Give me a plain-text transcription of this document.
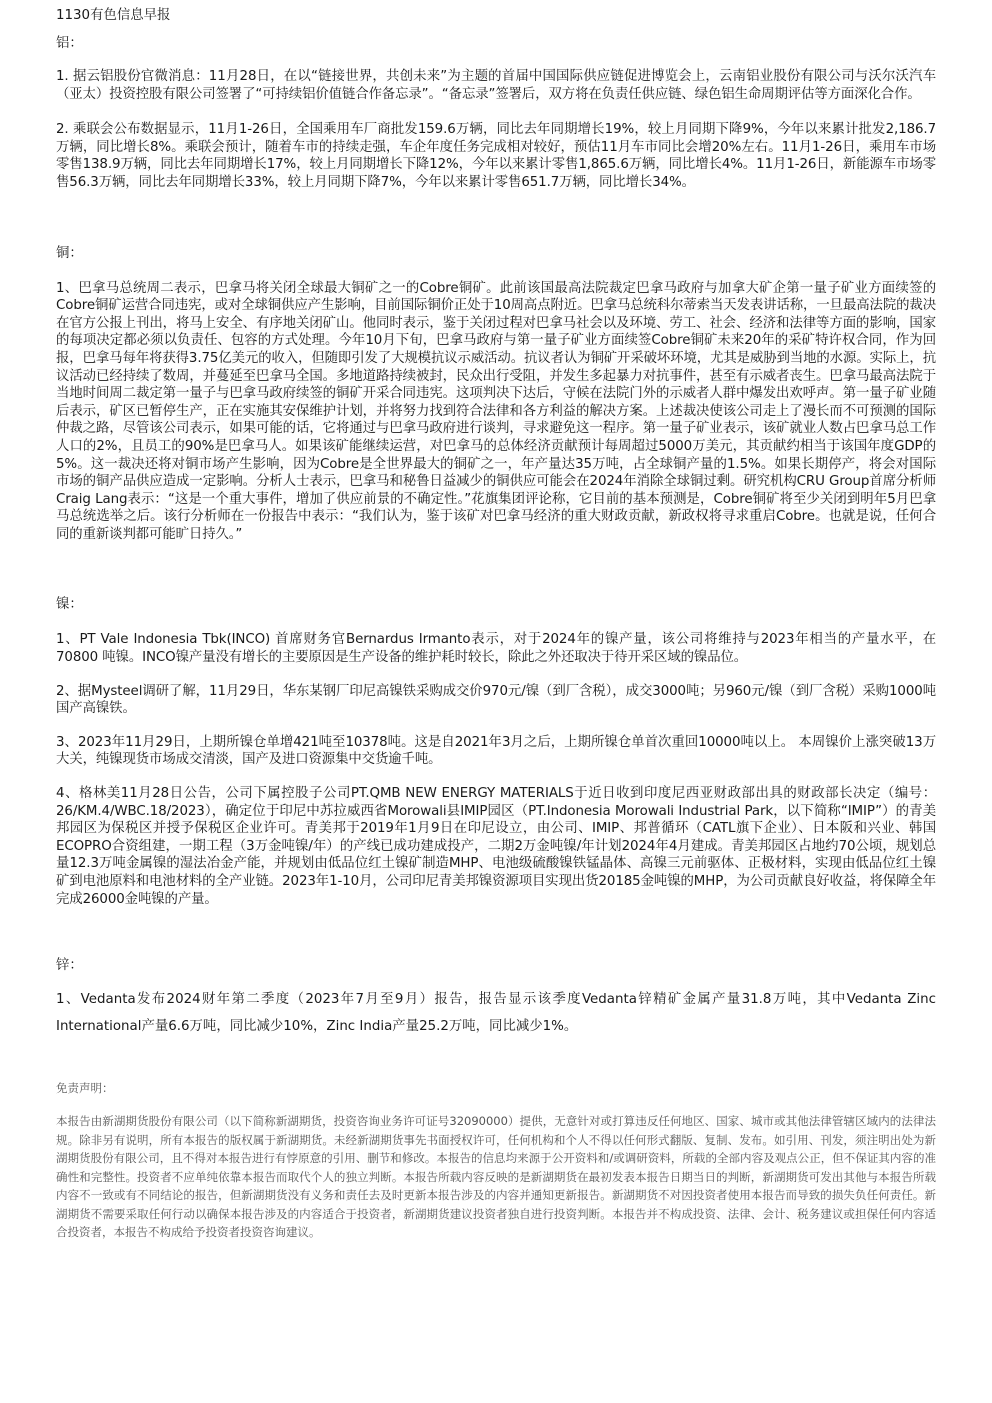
1130有色信息早报

铝：

1. 据云铝股份官微消息：11月28日，在以“链接世界，共创未来”为主题的首届中国国际供应链促进博览会上，云南铝业股份有限公司与沃尔沃汽车（亚太）投资控股有限公司签署了“可持续铝价值链合作备忘录”。“备忘录”签署后，双方将在负责任供应链、绿色铝生命周期评估等方面深化合作。

2. 乘联会公布数据显示，11月1-26日，全国乘用车厂商批发159.6万辆，同比去年同期增长19%，较上月同期下降9%，今年以来累计批发2,186.7万辆，同比增长8%。乘联会预计，随着车市的持续走强，车企年度任务完成相对较好，预估11月车市同比会增20%左右。11月1-26日，乘用车市场零售138.9万辆，同比去年同期增长17%，较上月同期增长下降12%，今年以来累计零售1,865.6万辆，同比增长4%。11月1-26日，新能源车市场零售56.3万辆，同比去年同期增长33%，较上月同期下降7%，今年以来累计零售651.7万辆，同比增长34%。

铜：

1、巴拿马总统周二表示，巴拿马将关闭全球最大铜矿之一的Cobre铜矿。此前该国最高法院裁定巴拿马政府与加拿大矿企第一量子矿业方面续签的Cobre铜矿运营合同违宪，或对全球铜供应产生影响，目前国际铜价正处于10周高点附近。巴拿马总统科尔蒂索当天发表讲话称，一旦最高法院的裁决在官方公报上刊出，将马上安全、有序地关闭矿山。他同时表示，鉴于关闭过程对巴拿马社会以及环境、劳工、社会、经济和法律等方面的影响，国家的每项决定都必须以负责任、包容的方式处理。今年10月下旬，巴拿马政府与第一量子矿业方面续签Cobre铜矿未来20年的采矿特许权合同，作为回报，巴拿马每年将获得3.75亿美元的收入，但随即引发了大规模抗议示威活动。抗议者认为铜矿开采破坏环境，尤其是威胁到当地的水源。实际上，抗议活动已经持续了数周，并蔓延至巴拿马全国。多地道路持续被封，民众出行受阻，并发生多起暴力对抗事件，甚至有示威者丧生。巴拿马最高法院于当地时间周二裁定第一量子与巴拿马政府续签的铜矿开采合同违宪。这项判决下达后，守候在法院门外的示威者人群中爆发出欢呼声。第一量子矿业随后表示，矿区已暂停生产，正在实施其安保维护计划，并将努力找到符合法律和各方利益的解决方案。上述裁决使该公司走上了漫长而不可预测的国际仲裁之路，尽管该公司表示，如果可能的话，它将通过与巴拿马政府进行谈判，寻求避免这一程序。第一量子矿业表示，该矿就业人数占巴拿马总工作人口的2%，且员工的90%是巴拿马人。如果该矿能继续运营，对巴拿马的总体经济贡献预计每周超过5000万美元，其贡献约相当于该国年度GDP的5%。这一裁决还将对铜市场产生影响，因为Cobre是全世界最大的铜矿之一，年产量达35万吨，占全球铜产量的1.5%。如果长期停产，将会对国际市场的铜产品供应造成一定影响。分析人士表示，巴拿马和秘鲁日益减少的铜供应可能会在2024年消除全球铜过剩。研究机构CRU Group首席分析师Craig Lang表示：“这是一个重大事件，增加了供应前景的不确定性。”花旗集团评论称，它目前的基本预测是，Cobre铜矿将至少关闭到明年5月巴拿马总统选举之后。该行分析师在一份报告中表示：“我们认为，鉴于该矿对巴拿马经济的重大财政贡献，新政权将寻求重启Cobre。也就是说，任何合同的重新谈判都可能旷日持久。”

镍：

1、PT Vale Indonesia Tbk(INCO) 首席财务官Bernardus Irmanto表示，对于2024年的镍产量，该公司将维持与2023年相当的产量水平，在 70800 吨镍。INCO镍产量没有增长的主要原因是生产设备的维护耗时较长，除此之外还取决于待开采区域的镍品位。

2、据Mysteel调研了解，11月29日，华东某钢厂印尼高镍铁采购成交价970元/镍（到厂含税），成交3000吨；另960元/镍（到厂含税）采购1000吨国产高镍铁。

3、2023年11月29日，上期所镍仓单增421吨至10378吨。这是自2021年3月之后，上期所镍仓单首次重回10000吨以上。 本周镍价上涨突破13万大关，纯镍现货市场成交清淡，国产及进口资源集中交货逾千吨。

4、格林美11月28日公告，公司下属控股子公司PT.QMB NEW ENERGY MATERIALS于近日收到印度尼西亚财政部出具的财政部长决定（编号：26/KM.4/WBC.18/2023），确定位于印尼中苏拉威西省Morowali县IMIP园区（PT.Indonesia Morowali Industrial Park，以下简称“IMIP”）的青美邦园区为保税区并授予保税区企业许可。青美邦于2019年1月9日在印尼设立，由公司、IMIP、邦普循环（CATL旗下企业）、日本阪和兴业、韩国ECOPRO合资组建，一期工程（3万金吨镍/年）的产线已成功建成投产，二期2万金吨镍/年计划2024年4月建成。青美邦园区占地约70公顷，规划总量12.3万吨金属镍的湿法冶金产能，并规划由低品位红土镍矿制造MHP、电池级硫酸镍铁锰晶体、高镍三元前驱体、正极材料，实现由低品位红土镍矿到电池原料和电池材料的全产业链。2023年1-10月，公司印尼青美邦镍资源项目实现出货20185金吨镍的MHP，为公司贡献良好收益，将保障全年完成26000金吨镍的产量。

锌：

1、Vedanta发布2024财年第二季度（2023年7月至9月）报告，报告显示该季度Vedanta锌精矿金属产量31.8万吨，其中Vedanta Zinc International产量6.6万吨，同比减少10%，Zinc India产量25.2万吨，同比减少1%。

免责声明：

本报告由新湖期货股份有限公司（以下简称新湖期货，投资咨询业务许可证号32090000）提供，无意针对或打算违反任何地区、国家、城市或其他法律管辖区域内的法律法规。除非另有说明，所有本报告的版权属于新湖期货。未经新湖期货事先书面授权许可，任何机构和个人不得以任何形式翻版、复制、发布。如引用、刊发，须注明出处为新湖期货股份有限公司，且不得对本报告进行有悖原意的引用、删节和修改。本报告的信息均来源于公开资料和/或调研资料，所载的全部内容及观点公正，但不保证其内容的准确性和完整性。投资者不应单纯依靠本报告而取代个人的独立判断。本报告所载内容反映的是新湖期货在最初发表本报告日期当日的判断，新湖期货可发出其他与本报告所载内容不一致或有不同结论的报告，但新湖期货没有义务和责任去及时更新本报告涉及的内容并通知更新报告。新湖期货不对因投资者使用本报告而导致的损失负任何责任。新湖期货不需要采取任何行动以确保本报告涉及的内容适合于投资者，新湖期货建议投资者独自进行投资判断。本报告并不构成投资、法律、会计、税务建议或担保任何内容适合投资者，本报告不构成给予投资者投资咨询建议。
